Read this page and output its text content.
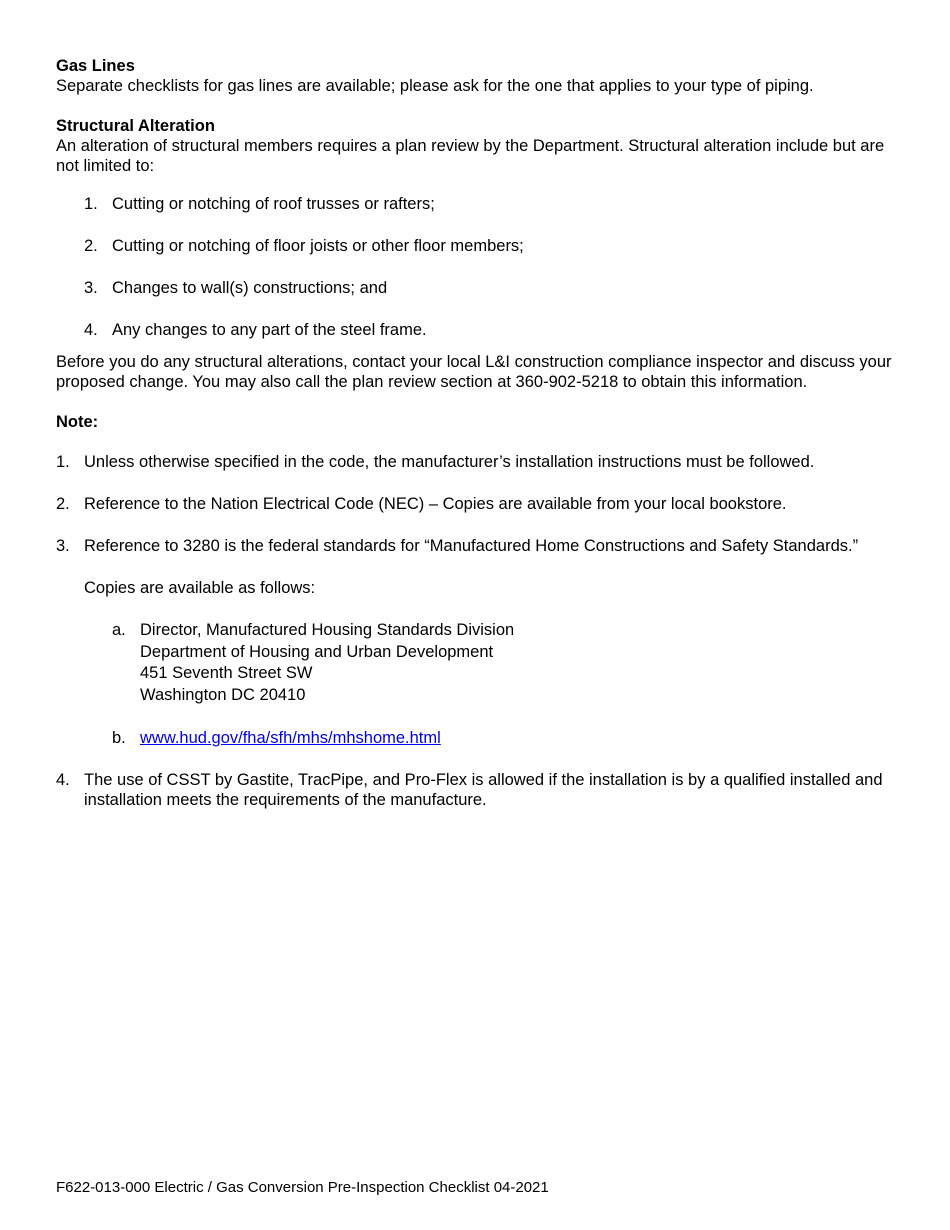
Gas Lines

Separate checklists for gas lines are available; please ask for the one that applies to your type of piping.

Structural Alteration

An alteration of structural members requires a plan review by the Department. Structural alteration include but are not limited to:

1. Cutting or notching of roof trusses or rafters;
2. Cutting or notching of floor joists or other floor members;
3. Changes to wall(s) constructions; and
4. Any changes to any part of the steel frame.

Before you do any structural alterations, contact your local L&I construction compliance inspector and discuss your proposed change. You may also call the plan review section at 360-902-5218 to obtain this information.

Note:
1. Unless otherwise specified in the code, the manufacturer’s installation instructions must be followed.
2. Reference to the Nation Electrical Code (NEC) – Copies are available from your local bookstore.
3. Reference to 3280 is the federal standards for “Manufactured Home Constructions and Safety Standards.”

Copies are available as follows:

a. Director, Manufactured Housing Standards Division
Department of Housing and Urban Development
451 Seventh Street SW
Washington DC 20410
b. www.hud.gov/fha/sfh/mhs/mhshome.html
4. The use of CSST by Gastite, TracPipe, and Pro-Flex is allowed if the installation is by a qualified installed and installation meets the requirements of the manufacture.
F622-013-000 Electric / Gas Conversion Pre-Inspection Checklist 04-2021
